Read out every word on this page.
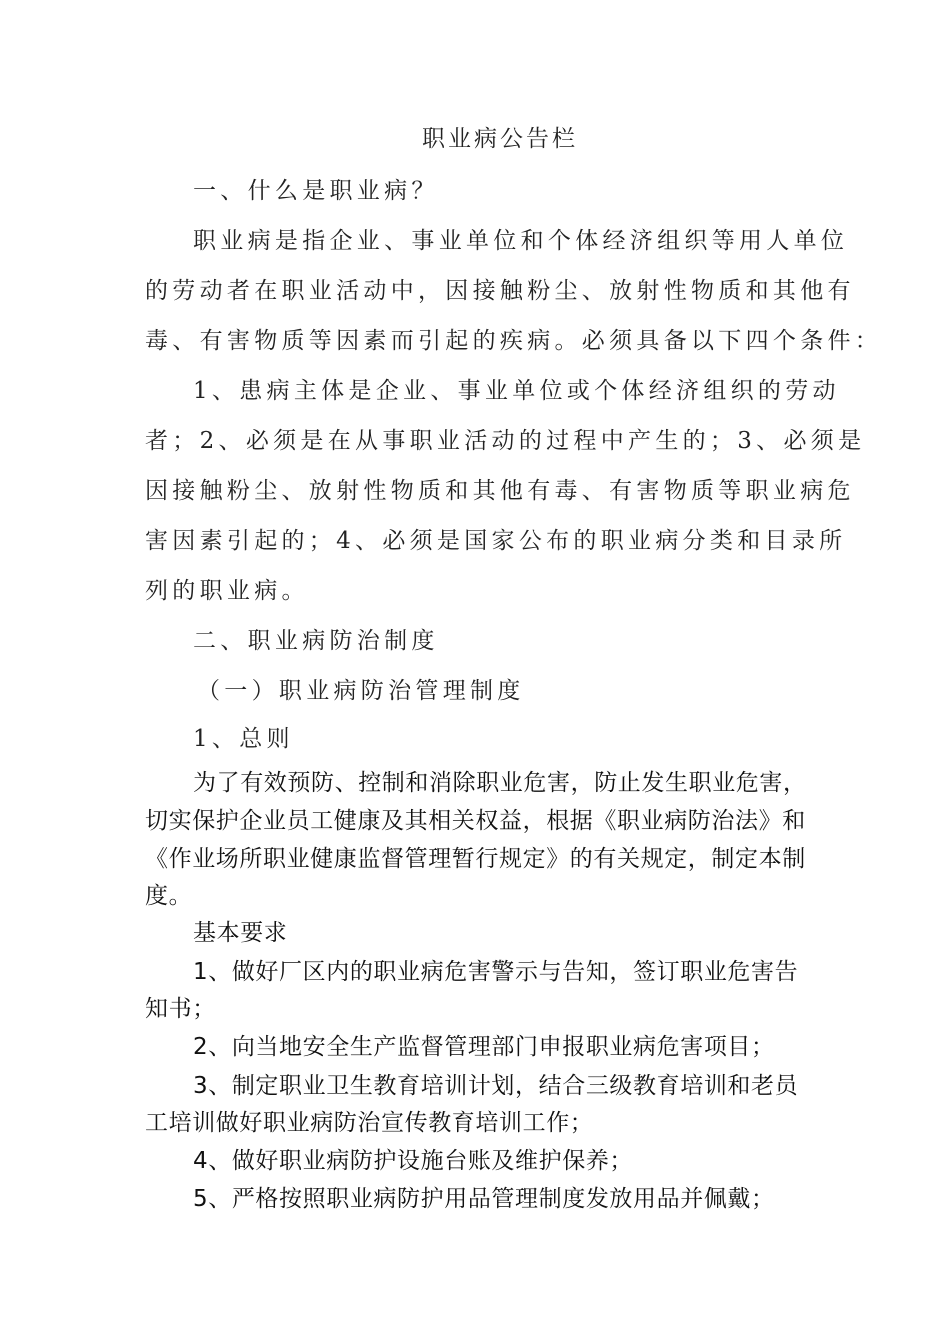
职业病公告栏

一、什么是职业病？

职业病是指企业、事业单位和个体经济组织等用人单位

的劳动者在职业活动中，因接触粉尘、放射性物质和其他有

毒、有害物质等因素而引起的疾病。必须具备以下四个条件：

1、患病主体是企业、事业单位或个体经济组织的劳动

者；2、必须是在从事职业活动的过程中产生的；3、必须是

因接触粉尘、放射性物质和其他有毒、有害物质等职业病危

害因素引起的；4、必须是国家公布的职业病分类和目录所

列的职业病。

二、职业病防治制度

（一）职业病防治管理制度

1、总则

为了有效预防、控制和消除职业危害，防止发生职业危害，

切实保护企业员工健康及其相关权益，根据《职业病防治法》和

《作业场所职业健康监督管理暂行规定》的有关规定，制定本制

度。

基本要求

1、做好厂区内的职业病危害警示与告知，签订职业危害告

知书；

2、向当地安全生产监督管理部门申报职业病危害项目；

3、制定职业卫生教育培训计划，结合三级教育培训和老员

工培训做好职业病防治宣传教育培训工作；

4、做好职业病防护设施台账及维护保养；

5、严格按照职业病防护用品管理制度发放用品并佩戴；
